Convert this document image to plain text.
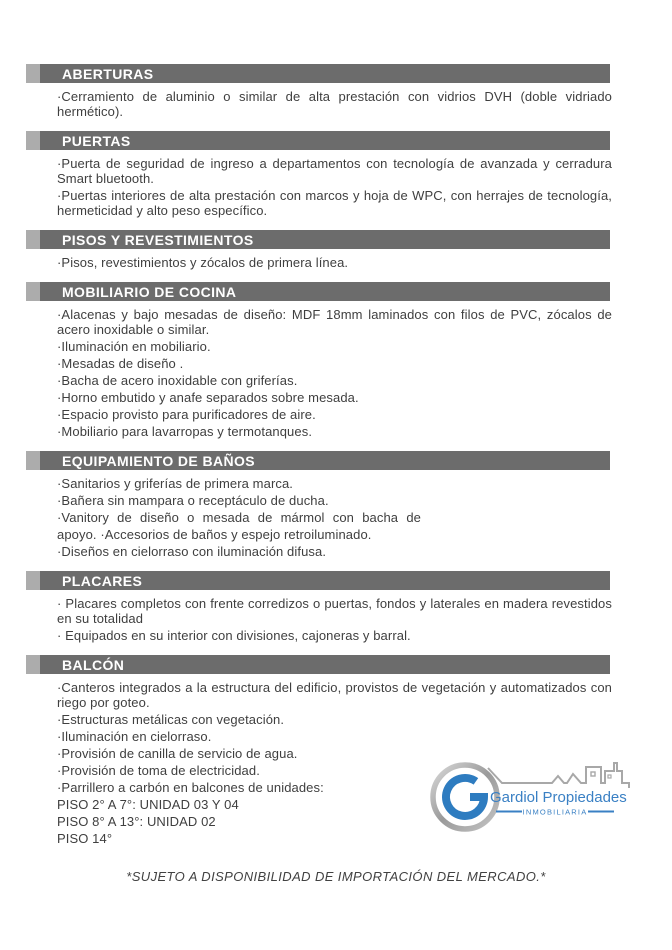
ABERTURAS

·Cerramiento de aluminio o similar de alta prestación con vidrios DVH (doble vidriado hermético).

PUERTAS

·Puerta de seguridad de ingreso a departamentos con tecnología de avanzada y cerradura Smart bluetooth.

·Puertas interiores de alta prestación con marcos y hoja de WPC, con herrajes de tecnología, hermeticidad y alto peso específico.

PISOS Y REVESTIMIENTOS

·Pisos, revestimientos y zócalos de primera línea.

MOBILIARIO DE COCINA

·Alacenas y bajo mesadas de diseño: MDF 18mm laminados con filos de PVC, zócalos de acero inoxidable o similar.

·Iluminación en mobiliario.

·Mesadas de diseño .

·Bacha de acero inoxidable con griferías.

·Horno embutido y anafe separados sobre mesada.

·Espacio provisto para purificadores de aire.

·Mobiliario para lavarropas y termotanques.

EQUIPAMIENTO DE BAÑOS

·Sanitarios y griferías de primera marca.

·Bañera sin mampara o receptáculo de ducha.

·Vanitory de diseño o mesada de mármol con bacha de

apoyo. ·Accesorios de baños y espejo retroiluminado.

·Diseños en cielorraso con iluminación difusa.

PLACARES

· Placares completos con frente corredizos o puertas, fondos y laterales en madera revestidos en su totalidad

· Equipados en su interior con divisiones, cajoneras y barral.

BALCÓN

·Canteros integrados a la estructura del edificio, provistos de vegetación y automatizados con riego por goteo.

·Estructuras metálicas con vegetación.

·Iluminación en cielorraso.

·Provisión de canilla de servicio de agua.

·Provisión de toma de electricidad.

·Parrillero a carbón en balcones de unidades:

PISO 2° A 7°: UNIDAD 03 Y 04

PISO 8° A 13°: UNIDAD 02

PISO 14°

Gardiol Propiedades
INMOBILIARIA
*SUJETO A DISPONIBILIDAD DE IMPORTACIÓN DEL MERCADO.*
